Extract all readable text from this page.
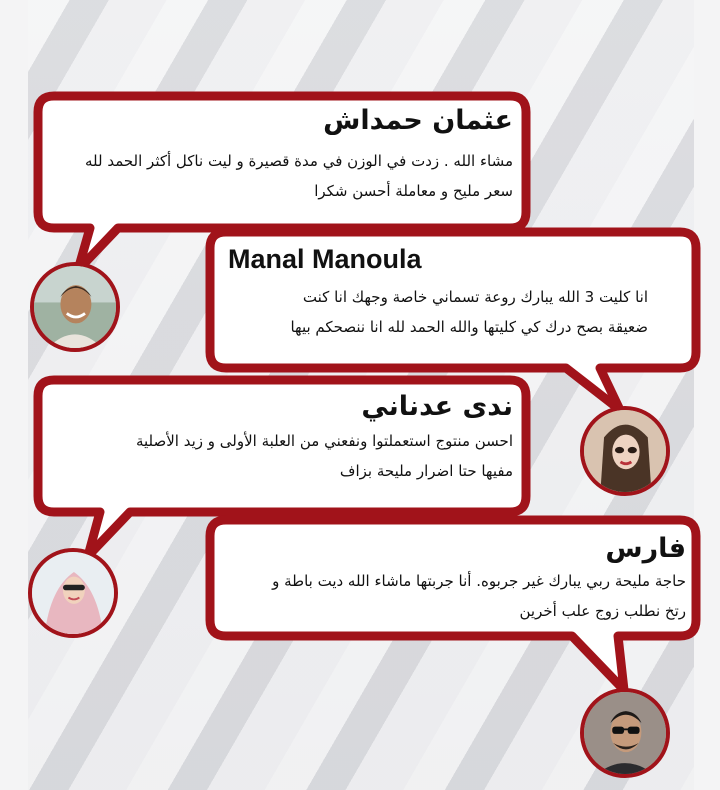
عثمان حمداش
مشاء الله . زدت في الوزن في مدة قصيرة و ليت ناكل أكثر الحمد لله
سعر مليح و معاملة أحسن شكرا
Manal Manoula
انا كليت 3 الله يبارك روعة تسماني خاصة وجهك انا كنت
ضعيقة بصح درك كي كليتها والله الحمد لله انا ننصحكم بيها
ندى عدناني
احسن منتوج استعملتوا ونفعني من العلبة الأولى و زيد الأصلية
مفيها حتا اضرار مليحة بزاف
فارس
حاجة مليحة ربي يبارك غير جربوه. أنا جربتها ماشاء الله ديت باطة و
رتخ نطلب زوج علب أخرين
